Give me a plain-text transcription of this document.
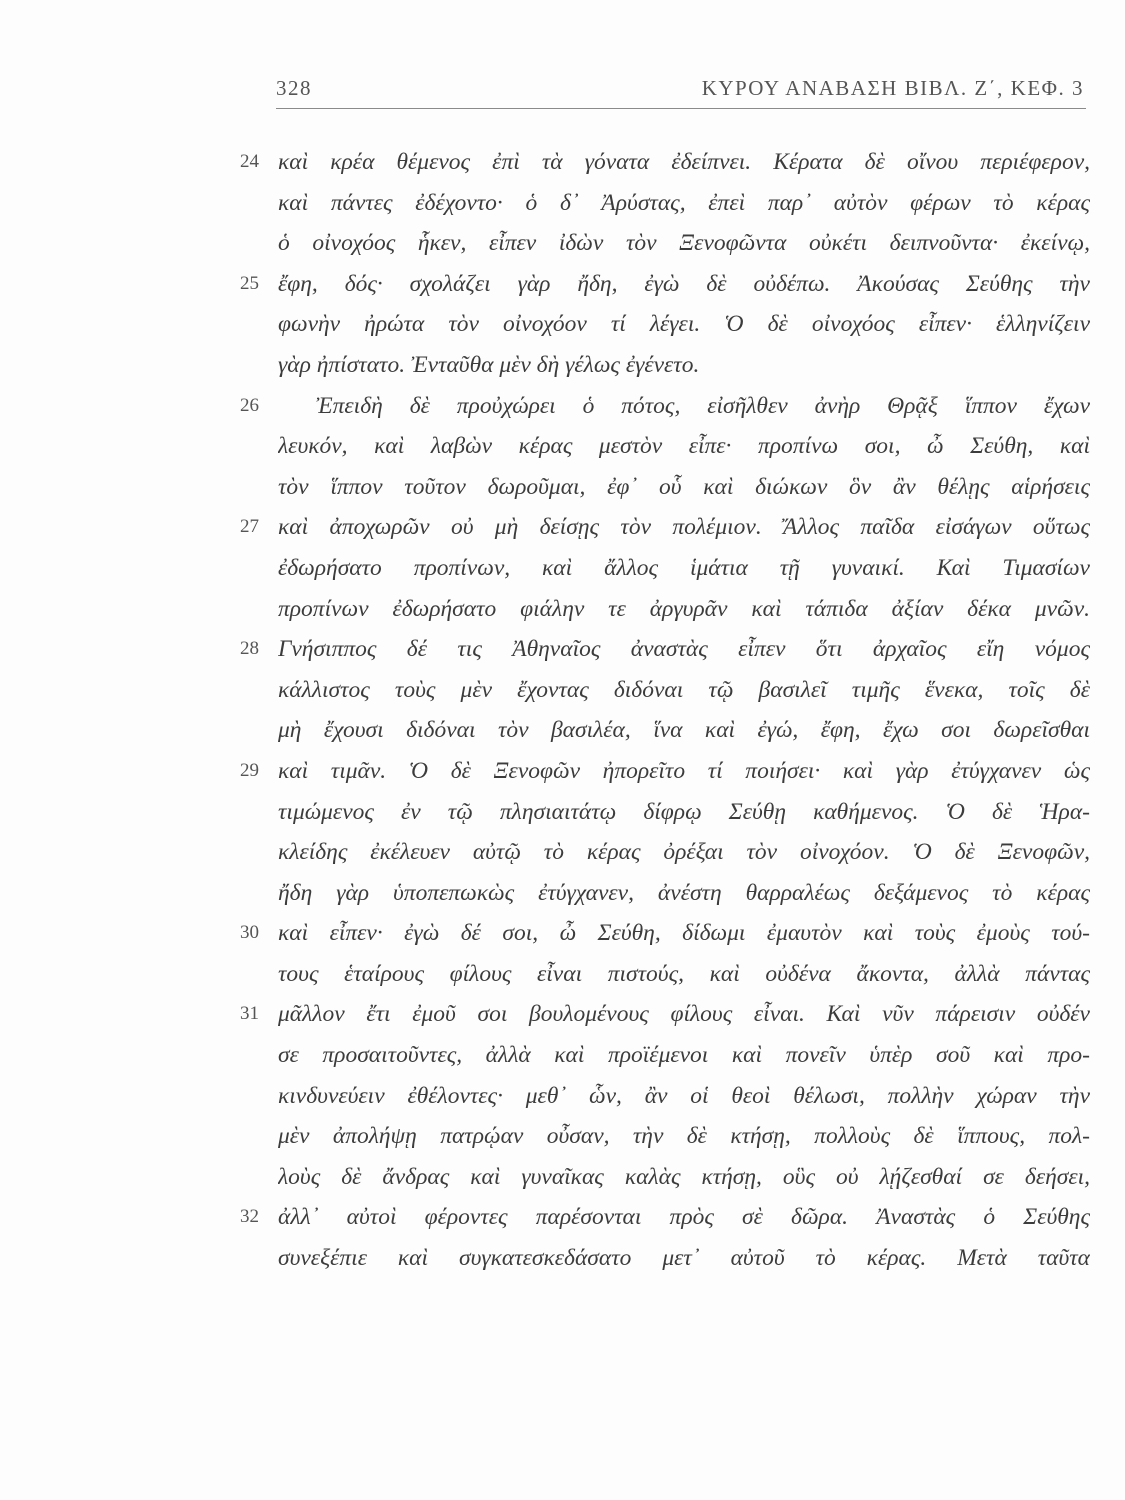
328	ΚΥΡΟΥ ΑΝΑΒΑΣΗ ΒΙΒΛ. Ζ΄, ΚΕΦ. 3
24 καὶ κρέα θέμενος ἐπὶ τὰ γόνατα ἐδείπνει. Κέρατα δὲ οἴνου περιέφερον,
καὶ πάντες ἐδέχοντο· ὁ δ᾽ Ἀρύστας, ἐπεὶ παρ᾽ αὐτὸν φέρων τὸ κέρας
ὁ οἰνοχόος ἧκεν, εἶπεν ἰδὼν τὸν Ξενοφῶντα οὐκέτι δειπνοῦντα· ἐκείνῳ,
25 ἔφη, δός· σχολάζει γὰρ ἤδη, ἐγὼ δὲ οὐδέπω. Ἀκούσας Σεύθης τὴν
φωνὴν ἠρώτα τὸν οἰνοχόον τί λέγει. Ὁ δὲ οἰνοχόος εἶπεν· ἑλληνίζειν
γὰρ ἠπίστατο. Ἐνταῦθα μὲν δὴ γέλως ἐγένετο.
26	Ἐπειδὴ δὲ προὐχώρει ὁ πότος, εἰσῆλθεν ἀνὴρ Θρᾷξ ἵππον ἔχων
λευκόν, καὶ λαβὼν κέρας μεστὸν εἶπε· προπίνω σοι, ὦ Σεύθη, καὶ
τὸν ἵππον τοῦτον δωροῦμαι, ἐφ᾽ οὗ καὶ διώκων ὃν ἂν θέλῃς αἱρήσεις
27 καὶ ἀποχωρῶν οὐ μὴ δείσῃς τὸν πολέμιον. Ἄλλος παῖδα εἰσάγων οὕτως
ἐδωρήσατο προπίνων, καὶ ἄλλος ἱμάτια τῇ γυναικί. Καὶ Τιμασίων
προπίνων ἐδωρήσατο φιάλην τε ἀργυρᾶν καὶ τάπιδα ἀξίαν δέκα μνῶν.
28 Γνήσιππος δέ τις Ἀθηναῖος ἀναστὰς εἶπεν ὅτι ἀρχαῖος εἴη νόμος
κάλλιστος τοὺς μὲν ἔχοντας διδόναι τῷ βασιλεῖ τιμῆς ἕνεκα, τοῖς δὲ
μὴ ἔχουσι διδόναι τὸν βασιλέα, ἵνα καὶ ἐγώ, ἔφη, ἔχω σοι δωρεῖσθαι
29 καὶ τιμᾶν. Ὁ δὲ Ξενοφῶν ἠπορεῖτο τί ποιήσει· καὶ γὰρ ἐτύγχανεν ὡς
τιμώμενος ἐν τῷ πλησιαιτάτῳ δίφρῳ Σεύθῃ καθήμενος. Ὁ δὲ Ἡρα-
κλείδης ἐκέλευεν αὐτῷ τὸ κέρας ὀρέξαι τὸν οἰνοχόον. Ὁ δὲ Ξενοφῶν,
ἤδη γὰρ ὑποπεπωκὼς ἐτύγχανεν, ἀνέστη θαρραλέως δεξάμενος τὸ κέρας
30 καὶ εἶπεν· ἐγὼ δέ σοι, ὦ Σεύθη, δίδωμι ἐμαυτὸν καὶ τοὺς ἐμοὺς τού-
τους ἑταίρους φίλους εἶναι πιστούς, καὶ οὐδένα ἄκοντα, ἀλλὰ πάντας
31 μᾶλλον ἔτι ἐμοῦ σοι βουλομένους φίλους εἶναι. Καὶ νῦν πάρεισιν οὐδέν
σε προσαιτοῦντες, ἀλλὰ καὶ προϊέμενοι καὶ πονεῖν ὑπὲρ σοῦ καὶ προ-
κινδυνεύειν ἐθέλοντες· μεθ᾽ ὧν, ἂν οἱ θεοὶ θέλωσι, πολλὴν χώραν τὴν
μὲν ἀπολήψῃ πατρῴαν οὖσαν, τὴν δὲ κτήσῃ, πολλοὺς δὲ ἵππους, πολ-
λοὺς δὲ ἄνδρας καὶ γυναῖκας καλὰς κτήσῃ, οὓς οὐ λῄζεσθαί σε δεήσει,
32 ἀλλ᾽ αὐτοὶ φέροντες παρέσονται πρὸς σὲ δῶρα. Ἀναστὰς ὁ Σεύθης
συνεξέπιε καὶ συγκατεσκεδάσατο μετ᾽ αὐτοῦ τὸ κέρας. Μετὰ ταῦτα
